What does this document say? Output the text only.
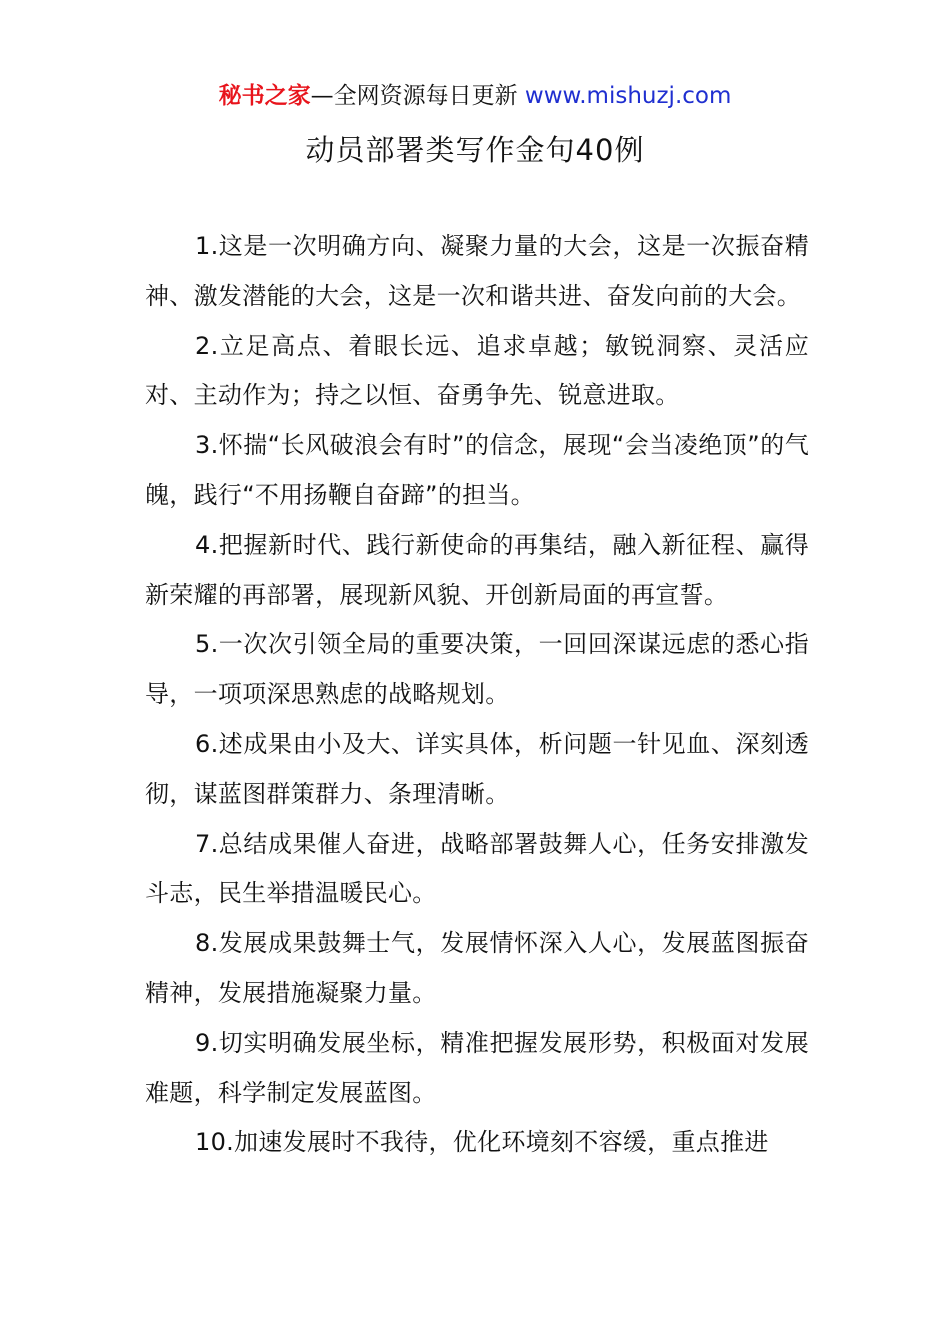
秘书之家—全网资源每日更新 www.mishuzj.com
动员部署类写作金句40例

1.这是一次明确方向、凝聚力量的大会，这是一次振奋精神、激发潜能的大会，这是一次和谐共进、奋发向前的大会。

2.立足高点、着眼长远、追求卓越；敏锐洞察、灵活应对、主动作为；持之以恒、奋勇争先、锐意进取。

3.怀揣“长风破浪会有时”的信念，展现“会当凌绝顶”的气魄，践行“不用扬鞭自奋蹄”的担当。

4.把握新时代、践行新使命的再集结，融入新征程、赢得新荣耀的再部署，展现新风貌、开创新局面的再宣誓。

5.一次次引领全局的重要决策，一回回深谋远虑的悉心指导，一项项深思熟虑的战略规划。

6.述成果由小及大、详实具体，析问题一针见血、深刻透彻，谋蓝图群策群力、条理清晰。

7.总结成果催人奋进，战略部署鼓舞人心，任务安排激发斗志，民生举措温暖民心。

8.发展成果鼓舞士气，发展情怀深入人心，发展蓝图振奋精神，发展措施凝聚力量。

9.切实明确发展坐标，精准把握发展形势，积极面对发展难题，科学制定发展蓝图。

10.加速发展时不我待，优化环境刻不容缓，重点推进
